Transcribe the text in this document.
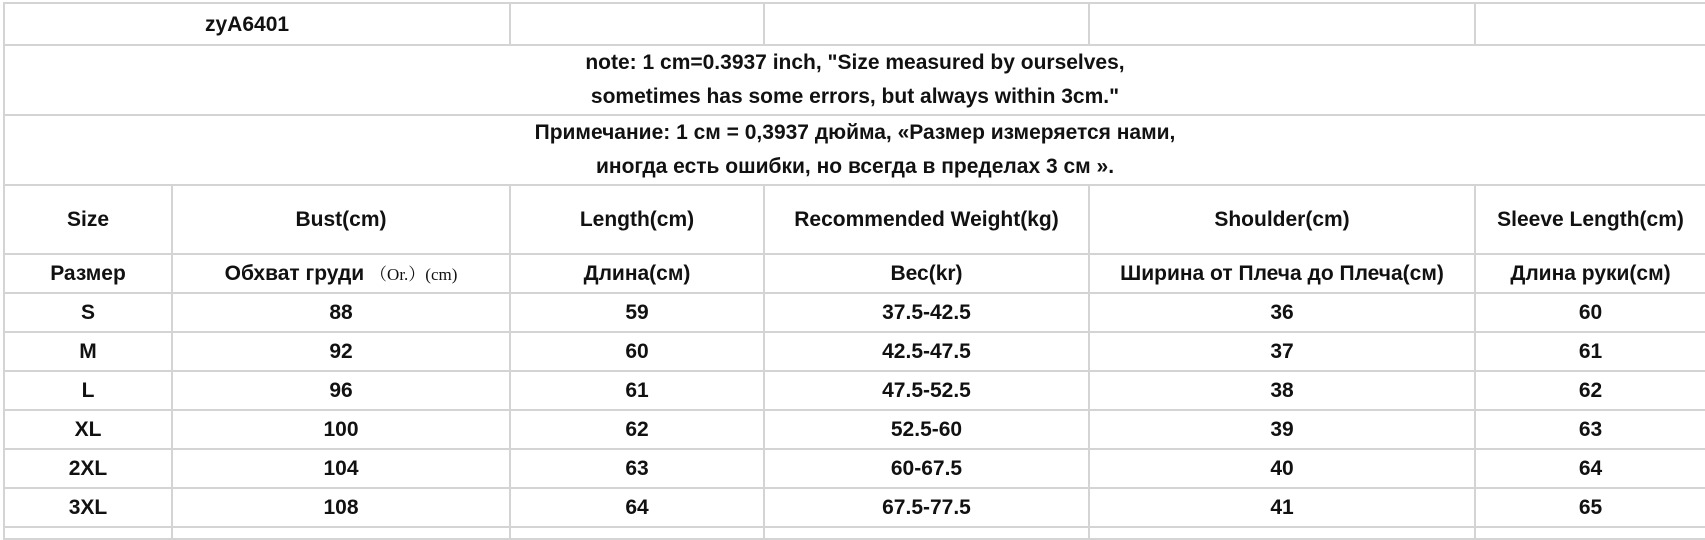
zyA6401					

note: 1 cm=0.3937 inch, "Size measured by ourselves,
sometimes has some errors, but always within 3cm."					

Примечание: 1 см = 0,3937 дюйма, «Размер измеряется нами,
иногда есть ошибки, но всегда в пределах 3 см ».					

Size	Bust(cm)	Length(cm)	Recommended Weight(kg)	Shoulder(cm)	Sleeve Length(cm)
Размер	Обхват груди （Or.）(cm)	Длина(см)	Вес(kr)	Ширина от Плеча до Плеча(см)	Длина руки(см)
S	88	59	37.5-42.5	36	60
M	92	60	42.5-47.5	37	61
L	96	61	47.5-52.5	38	62
XL	100	62	52.5-60	39	63
2XL	104	63	60-67.5	40	64
3XL	108	64	67.5-77.5	41	65
